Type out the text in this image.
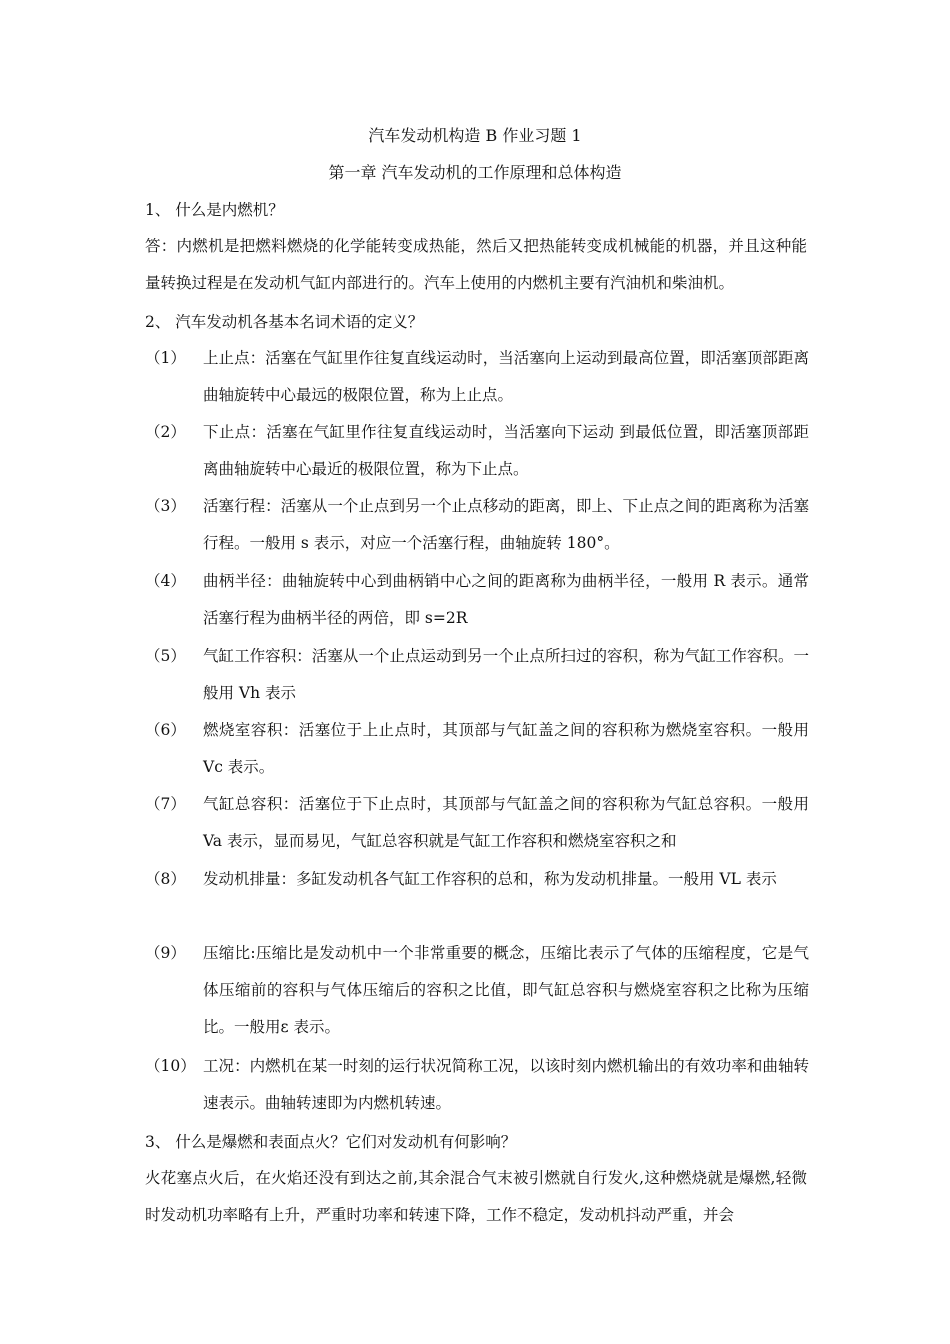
汽车发动机构造 B 作业习题 1
第一章 汽车发动机的工作原理和总体构造
1、 什么是内燃机？
答：内燃机是把燃料燃烧的化学能转变成热能，然后又把热能转变成机械能的机器，并且这种能量转换过程是在发动机气缸内部进行的。汽车上使用的内燃机主要有汽油机和柴油机。
2、 汽车发动机各基本名词术语的定义？
（1）	上止点：活塞在气缸里作往复直线运动时，当活塞向上运动到最高位置，即活塞顶部距离曲轴旋转中心最远的极限位置，称为上止点。
（2）	下止点：活塞在气缸里作往复直线运动时，当活塞向下运动 到最低位置，即活塞顶部距离曲轴旋转中心最近的极限位置，称为下止点。
（3）	活塞行程：活塞从一个止点到另一个止点移动的距离，即上、下止点之间的距离称为活塞行程。一般用 s 表示，对应一个活塞行程，曲轴旋转 180°。
（4）	曲柄半径：曲轴旋转中心到曲柄销中心之间的距离称为曲柄半径，一般用 R 表示。通常活塞行程为曲柄半径的两倍，即 s=2R
（5）	气缸工作容积：活塞从一个止点运动到另一个止点所扫过的容积，称为气缸工作容积。一般用 Vh 表示
（6）	燃烧室容积：活塞位于上止点时，其顶部与气缸盖之间的容积称为燃烧室容积。一般用 Vc 表示。
（7）	气缸总容积：活塞位于下止点时，其顶部与气缸盖之间的容积称为气缸总容积。一般用 Va 表示，显而易见，气缸总容积就是气缸工作容积和燃烧室容积之和
（8）	发动机排量：多缸发动机各气缸工作容积的总和，称为发动机排量。一般用 VL 表示
（9）	压缩比:压缩比是发动机中一个非常重要的概念，压缩比表示了气体的压缩程度，它是气体压缩前的容积与气体压缩后的容积之比值，即气缸总容积与燃烧室容积之比称为压缩比。一般用ε 表示。
（10） 工况：内燃机在某一时刻的运行状况简称工况，以该时刻内燃机输出的有效功率和曲轴转速表示。曲轴转速即为内燃机转速。
3、 什么是爆燃和表面点火？它们对发动机有何影响？
火花塞点火后，在火焰还没有到达之前,其余混合气末被引燃就自行发火,这种燃烧就是爆燃,轻微时发动机功率略有上升，严重时功率和转速下降，工作不稳定，发动机抖动严重，并会
